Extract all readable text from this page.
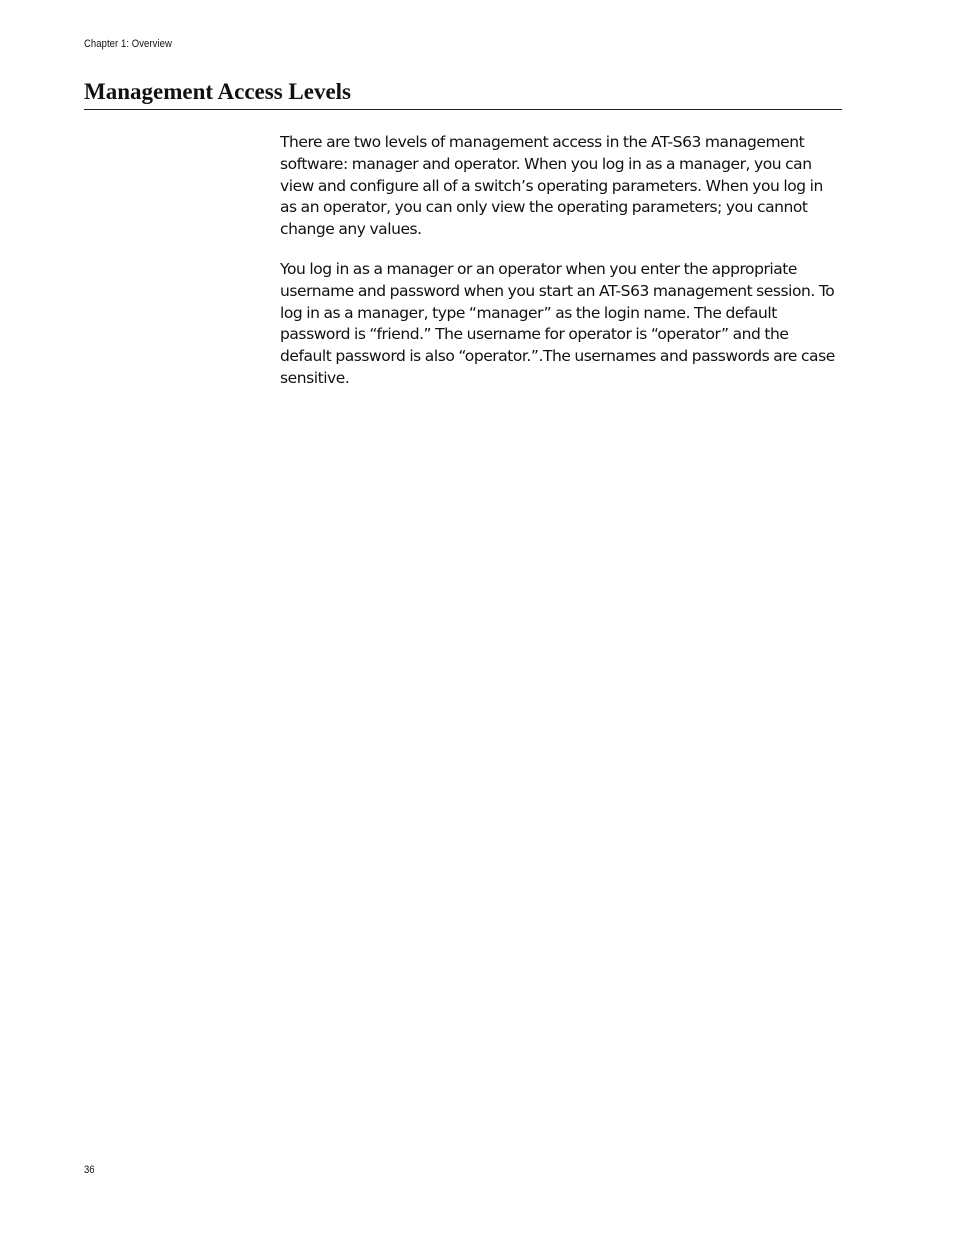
Chapter 1: Overview
Management Access Levels

There are two levels of management access in the AT-S63 management software: manager and operator. When you log in as a manager, you can view and configure all of a switch’s operating parameters. When you log in as an operator, you can only view the operating parameters; you cannot change any values.

You log in as a manager or an operator when you enter the appropriate username and password when you start an AT-S63 management session. To log in as a manager, type “manager” as the login name. The default password is “friend.” The username for operator is “operator” and the default password is also “operator.”.The usernames and passwords are case sensitive.

36
